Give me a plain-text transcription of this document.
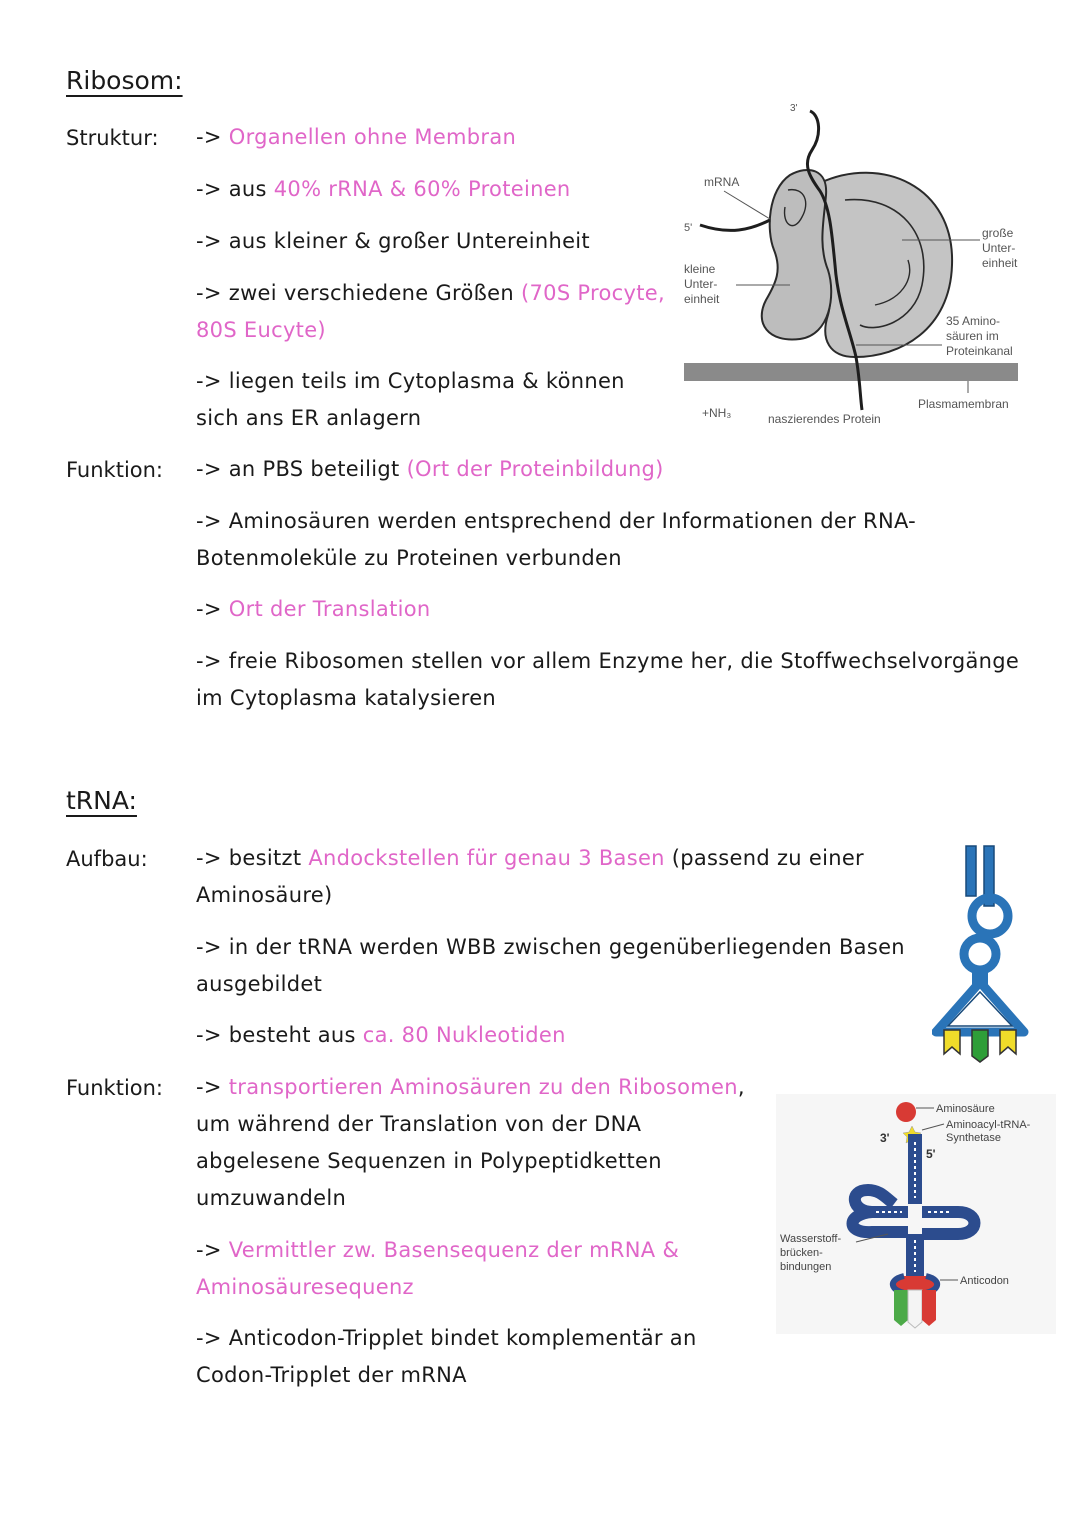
Ribosom:
Struktur: -> Organellen ohne Membran
-> aus 40% rRNA & 60% Proteinen
-> aus kleiner & großer Untereinheit
-> zwei verschiedene Größen (70S Procyte,
80S Eucyte)
-> liegen teils im Cytoplasma & können
sich ans ER anlagern
Funktion: -> an PBS beteiligt (Ort der Proteinbildung)
-> Aminosäuren werden entsprechend der Informationen der RNA-
Botenmoleküle zu Proteinen verbunden
-> Ort der Translation
-> freie Ribosomen stellen vor allem Enzyme her, die Stoffwechselvorgänge
im Cytoplasma katalysieren
3'
mRNA
5'
kleine Unter- einheit
große Unter- einheit
35 Amino- säuren im Proteinkanal
Plasmamembran
+NH₃	naszierendes Protein
tRNA:
Aufbau: -> besitzt Andockstellen für genau 3 Basen (passend zu einer
Aminosäure)
-> in der tRNA werden WBB zwischen gegenüberliegenden Basen
ausgebildet
-> besteht aus ca. 80 Nukleotiden
Funktion: -> transportieren Aminosäuren zu den Ribosomen,
um während der Translation von der DNA
abgelesene Sequenzen in Polypeptidketten
umzuwandeln
-> Vermittler zw. Basensequenz der mRNA &
Aminosäuresequenz
-> Anticodon-Tripplet bindet komplementär an
Codon-Tripplet der mRNA
Aminosäure
Aminoacyl-tRNA- Synthetase
3'
5'
Wasserstoff- brücken- bindungen
Anticodon
